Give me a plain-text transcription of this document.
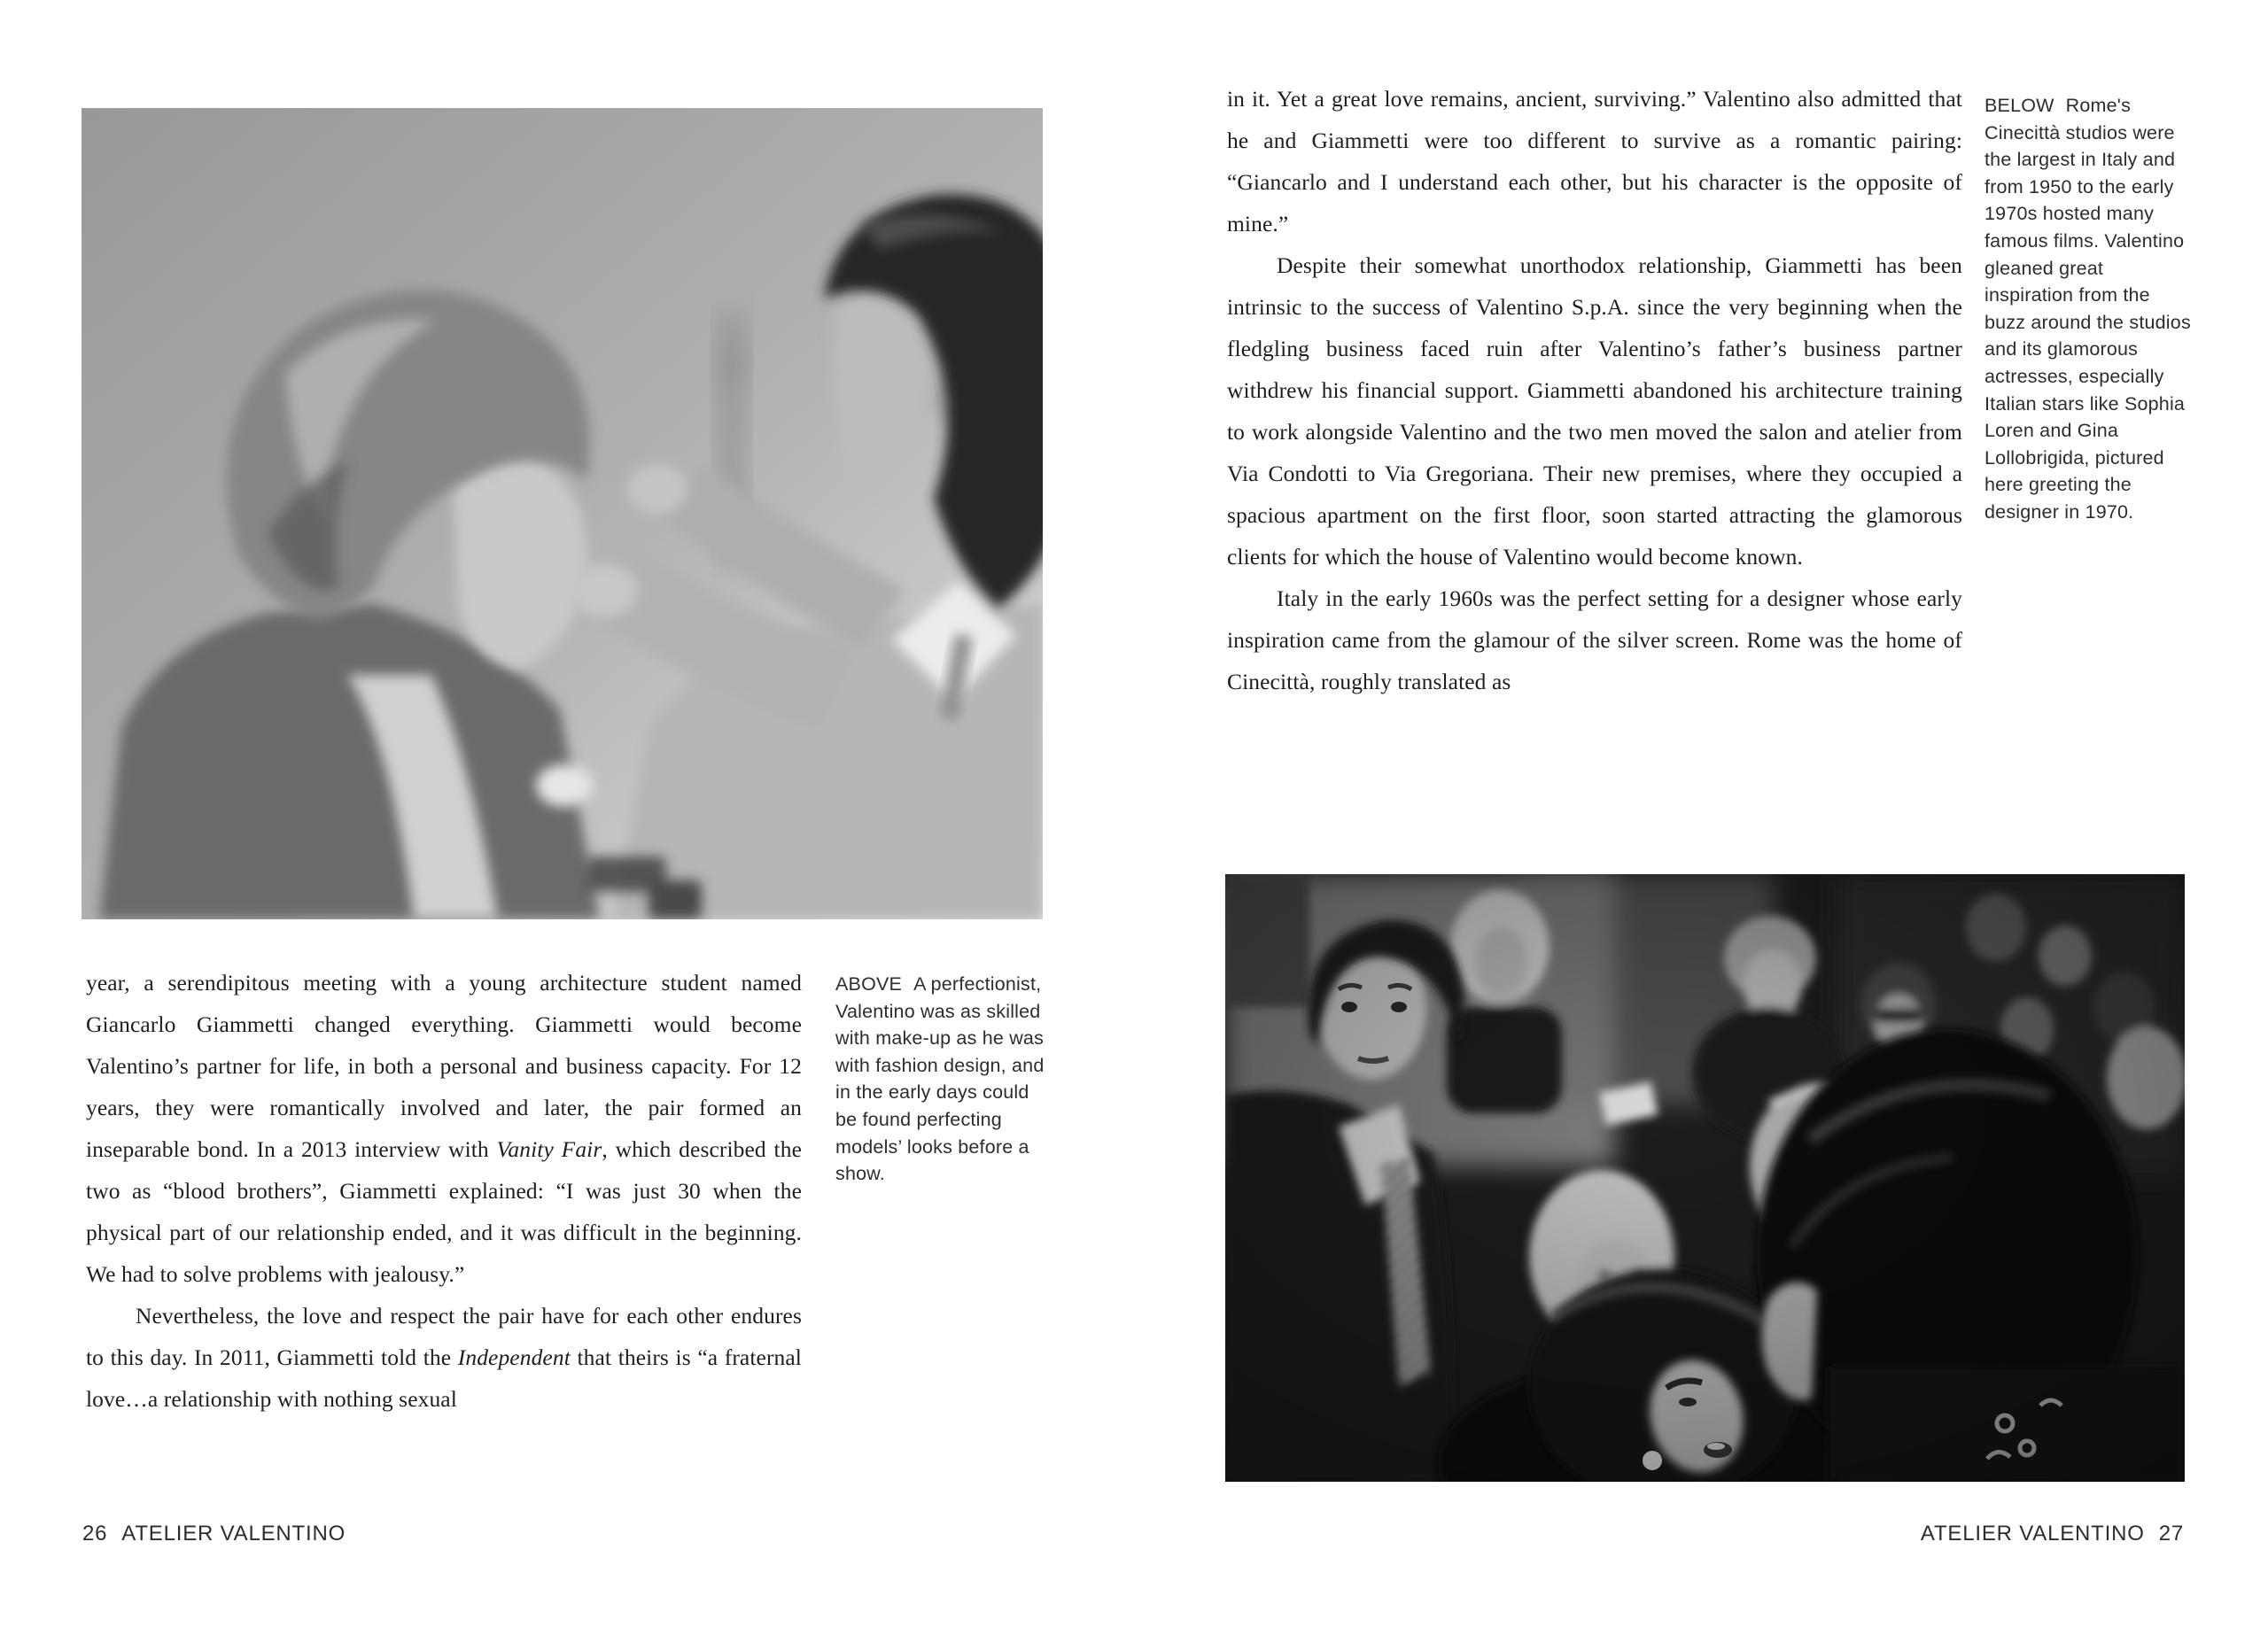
year, a serendipitous meeting with a young architecture student named Giancarlo Giammetti changed everything. Giammetti would become Valentino’s partner for life, in both a personal and business capacity. For 12 years, they were romantically involved and later, the pair formed an inseparable bond. In a 2013 interview with Vanity Fair, which described the two as “blood brothers”, Giammetti explained: “I was just 30 when the physical part of our relationship ended, and it was difficult in the beginning. We had to solve problems with jealousy.”

Nevertheless, the love and respect the pair have for each other endures to this day. In 2011, Giammetti told the Independent that theirs is “a fraternal love…a relationship with nothing sexual

ABOVE A perfectionist, Valentino was as skilled with make-up as he was with fashion design, and in the early days could be found perfecting models’ looks before a show.
26 ATELIER VALENTINO

in it. Yet a great love remains, ancient, surviving.” Valentino also admitted that he and Giammetti were too different to survive as a romantic pairing: “Giancarlo and I understand each other, but his character is the opposite of mine.”

Despite their somewhat unorthodox relationship, Giammetti has been intrinsic to the success of Valentino S.p.A. since the very beginning when the fledgling business faced ruin after Valentino’s father’s business partner withdrew his financial support. Giammetti abandoned his architecture training to work alongside Valentino and the two men moved the salon and atelier from Via Condotti to Via Gregoriana. Their new premises, where they occupied a spacious apartment on the first floor, soon started attracting the glamorous clients for which the house of Valentino would become known.

Italy in the early 1960s was the perfect setting for a designer whose early inspiration came from the glamour of the silver screen. Rome was the home of Cinecittà, roughly translated as

BELOW Rome's Cinecittà studios were the largest in Italy and from 1950 to the early 1970s hosted many famous films. Valentino gleaned great inspiration from the buzz around the studios and its glamorous actresses, especially Italian stars like Sophia Loren and Gina Lollobrigida, pictured here greeting the designer in 1970.
ATELIER VALENTINO 27
